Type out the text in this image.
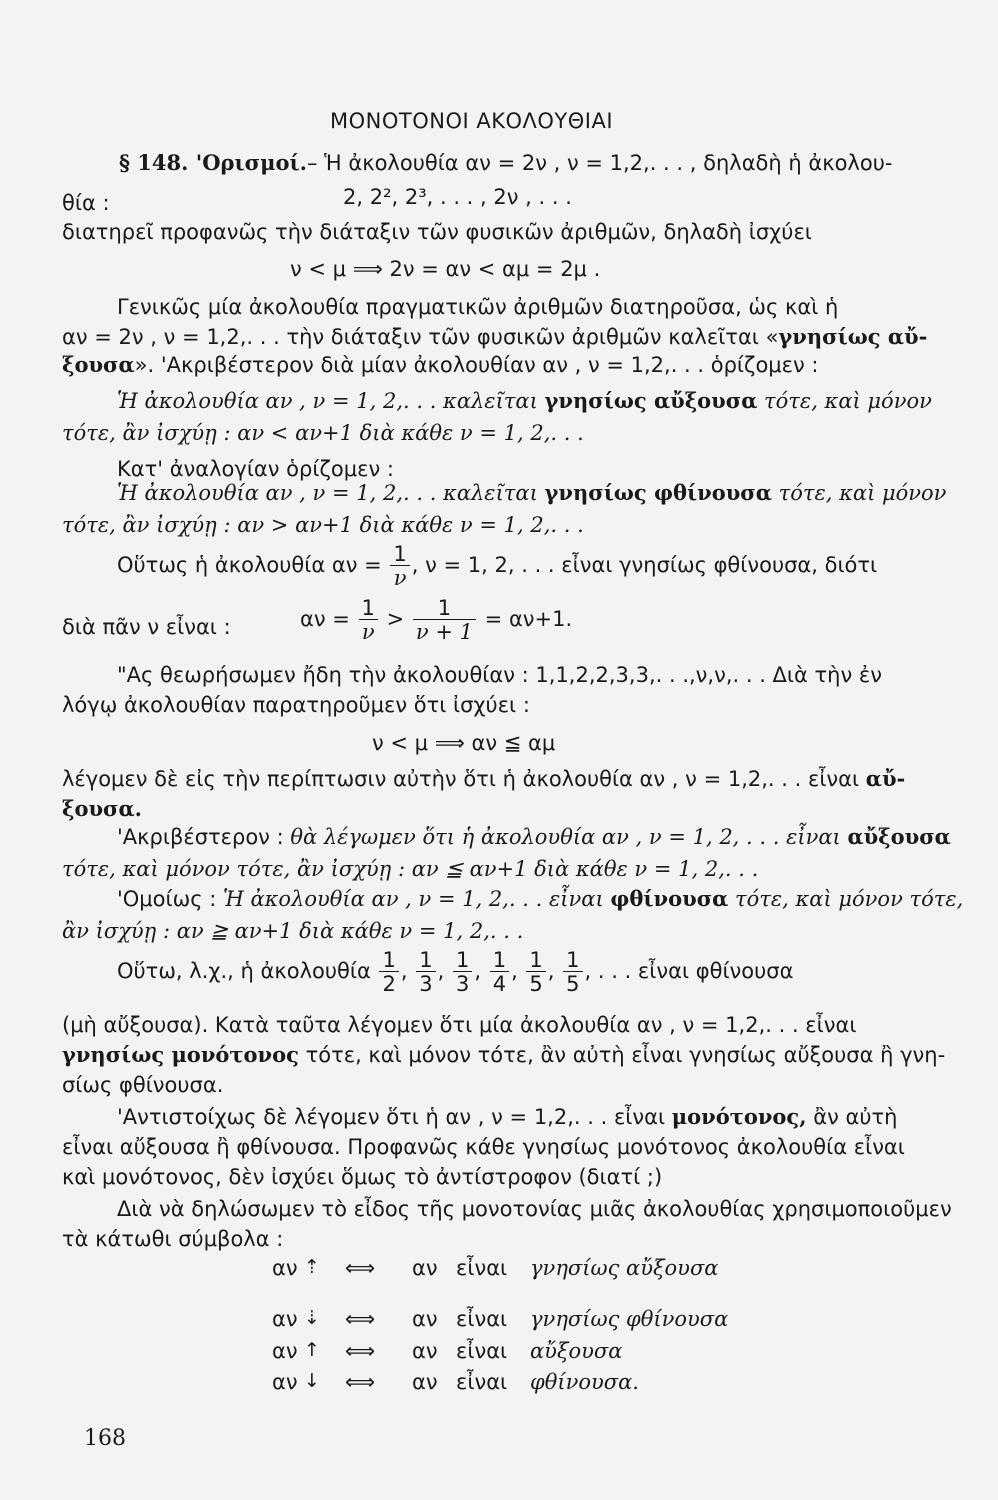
ΜΟΝΟΤΟΝΟΙ ΑΚΟΛΟΥΘΙΑΙ
§ 148. 'Ορισμοί.– Ἡ ἀκολουθία αν = 2ν , ν = 1,2,. . . , δηλαδὴ ἡ ἀκολου-
θία :	2, 2², 2³, . . . , 2ν , . . .
διατηρεῖ προφανῶς τὴν διάταξιν τῶν φυσικῶν ἀριθμῶν, δηλαδὴ ἰσχύει
ν < μ ⟹ 2ν = αν < αμ = 2μ .
Γενικῶς μία ἀκολουθία πραγματικῶν ἀριθμῶν διατηροῦσα, ὡς καὶ ἡ
αν = 2ν , ν = 1,2,. . . τὴν διάταξιν τῶν φυσικῶν ἀριθμῶν καλεῖται «γνησίως αὔ-
ξουσα». 'Ακριβέστερον διὰ μίαν ἀκολουθίαν αν , ν = 1,2,. . . ὁρίζομεν :
Ἡ ἀκολουθία αν , ν = 1, 2,. . . καλεῖται γνησίως αὔξουσα τότε, καὶ μόνον
τότε, ἂν ἰσχύῃ : αν < αν+1 διὰ κάθε ν = 1, 2,. . .
Κατ' ἀναλογίαν ὁρίζομεν :
Ἡ ἀκολουθία αν , ν = 1, 2,. . . καλεῖται γνησίως φθίνουσα τότε, καὶ μόνον
τότε, ἂν ἰσχύῃ : αν > αν+1 διὰ κάθε ν = 1, 2,. . .
Οὕτως ἡ ἀκολουθία $\alpha\nu = \frac{1}{\nu}$ , ν = 1, 2, . . . εἶναι γνησίως φθίνουσα, διότι
διὰ πᾶν ν εἶναι :	$\alpha\nu = \frac{1}{\nu} > \frac{1}{\nu + 1} = \alpha\nu+1$.
"Ας θεωρήσωμεν ἤδη τὴν ἀκολουθίαν : 1,1,2,2,3,3,. . .,ν,ν,. . . Διὰ τὴν ἐν
λόγῳ ἀκολουθίαν παρατηροῦμεν ὅτι ἰσχύει :
ν < μ ⟹ αν ≦ αμ
λέγομεν δὲ εἰς τὴν περίπτωσιν αὐτὴν ὅτι ἡ ἀκολουθία αν , ν = 1,2,. . . εἶναι αὔ-
ξουσα.
'Ακριβέστερον : θὰ λέγωμεν ὅτι ἡ ἀκολουθία αν , ν = 1, 2, . . . εἶναι αὔξουσα
τότε, καὶ μόνον τότε, ἂν ἰσχύῃ : αν ≦ αν+1 διὰ κάθε ν = 1, 2,. . .
'Ομοίως : Ἡ ἀκολουθία αν , ν = 1, 2,. . . εἶναι φθίνουσα τότε, καὶ μόνον τότε,
ἂν ἰσχύῃ : αν ≧ αν+1 διὰ κάθε ν = 1, 2,. . .
Οὕτω, λ.χ., ἡ ἀκολουθία $\frac{1}{2}$ , $\frac{1}{3}$ , $\frac{1}{3}$ , $\frac{1}{4}$ , $\frac{1}{5}$ , $\frac{1}{5}$ , . . . εἶναι φθίνουσα
(μὴ αὔξουσα). Κατὰ ταῦτα λέγομεν ὅτι μία ἀκολουθία αν , ν = 1,2,. . . εἶναι
γνησίως μονότονος τότε, καὶ μόνον τότε, ἂν αὐτὴ εἶναι γνησίως αὔξουσα ἢ γνη-
σίως φθίνουσα.
'Αντιστοίχως δὲ λέγομεν ὅτι ἡ αν , ν = 1,2,. . . εἶναι μονότονος, ἂν αὐτὴ
εἶναι αὔξουσα ἢ φθίνουσα. Προφανῶς κάθε γνησίως μονότονος ἀκολουθία εἶναι
καὶ μονότονος, δὲν ἰσχύει ὅμως τὸ ἀντίστροφον (διατί ;)
Διὰ νὰ δηλώσωμεν τὸ εἶδος τῆς μονοτονίας μιᾶς ἀκολουθίας χρησιμοποιοῦμεν
τὰ κάτωθι σύμβολα :
αν ⇡ ⟺ αν εἶναι γνησίως αὔξουσα
αν ⇣ ⟺ αν εἶναι γνησίως φθίνουσα
αν ↑ ⟺ αν εἶναι αὔξουσα
αν ↓ ⟺ αν εἶναι φθίνουσα.
168
